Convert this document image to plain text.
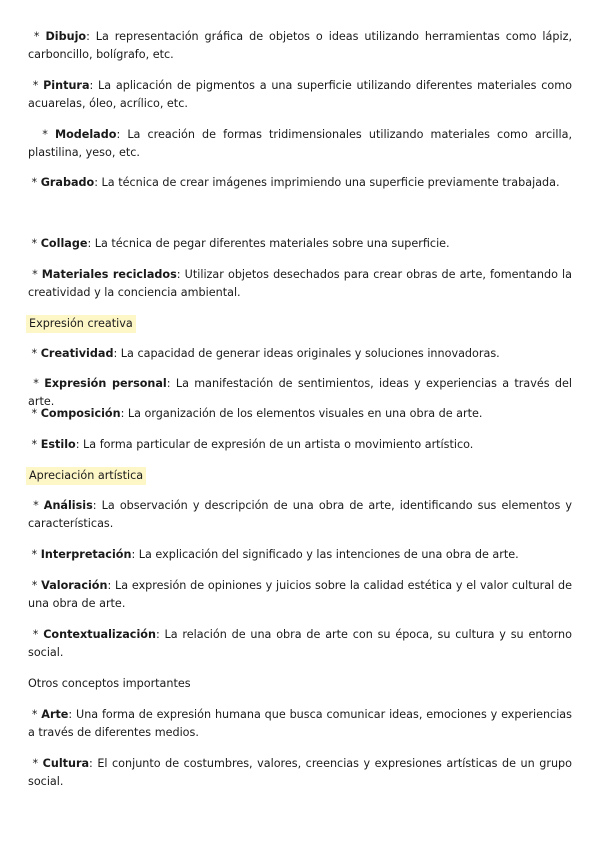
* Dibujo: La representación gráfica de objetos o ideas utilizando herramientas como lápiz, carboncillo, bolígrafo, etc.

* Pintura: La aplicación de pigmentos a una superficie utilizando diferentes materiales como acuarelas, óleo, acrílico, etc.

* Modelado: La creación de formas tridimensionales utilizando materiales como arcilla, plastilina, yeso, etc.

* Grabado: La técnica de crear imágenes imprimiendo una superficie previamente trabajada.

* Collage: La técnica de pegar diferentes materiales sobre una superficie.

* Materiales reciclados: Utilizar objetos desechados para crear obras de arte, fomentando la creatividad y la conciencia ambiental.

Expresión creativa

* Creatividad: La capacidad de generar ideas originales y soluciones innovadoras.

* Expresión personal: La manifestación de sentimientos, ideas y experiencias a través del arte.

* Composición: La organización de los elementos visuales en una obra de arte.

* Estilo: La forma particular de expresión de un artista o movimiento artístico.

Apreciación artística

* Análisis: La observación y descripción de una obra de arte, identificando sus elementos y características.

* Interpretación: La explicación del significado y las intenciones de una obra de arte.

* Valoración: La expresión de opiniones y juicios sobre la calidad estética y el valor cultural de una obra de arte.

* Contextualización: La relación de una obra de arte con su época, su cultura y su entorno social.

Otros conceptos importantes

* Arte: Una forma de expresión humana que busca comunicar ideas, emociones y experiencias a través de diferentes medios.

* Cultura: El conjunto de costumbres, valores, creencias y expresiones artísticas de un grupo social.
